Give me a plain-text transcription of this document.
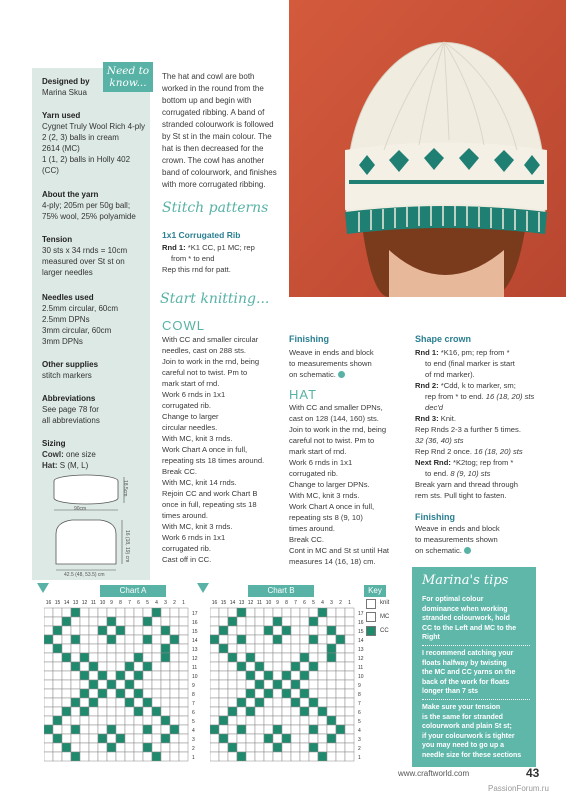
Need to
know...
Designed by
Marina Skua
Yarn used
Cygnet Truly Wool Rich 4-ply
2 (2, 3) balls in cream
2614 (MC)
1 (1, 2) balls in Holly 402
(CC)
About the yarn
4-ply; 205m per 50g ball;
75% wool, 25% polyamide
Tension
30 sts x 34 rnds = 10cm
measured over St st on
larger needles
Needles used
2.5mm circular, 60cm
2.5mm DPNs
3mm circular, 60cm
3mm DPNs
Other supplies
stitch markers
Abbreviations
See page 78 for
all abbreviations
Sizing
Cowl: one size
Hat: S (M, L)
90cm
18.5cm
16 (18, 19) cm
42.5 (48, 53.5) cm
The hat and cowl are both
worked in the round from the
bottom up and begin with
corrugated ribbing. A band of
stranded colourwork is followed
by St st in the main colour. The
hat is then decreased for the
crown. The cowl has another
band of colourwork, and finishes
with more corrugated ribbing.
Stitch patterns
1x1 Corrugated Rib
Rnd 1: *K1 CC, p1 MC; rep
from * to end
Rep this rnd for patt.
Start knitting...
COWL
With CC and smaller circular
needles, cast on 288 sts.
Join to work in the rnd, being
careful not to twist. Pm to
mark start of rnd.
Work 6 rnds in 1x1
corrugated rib.
Change to larger
circular needles.
With MC, knit 3 rnds.
Work Chart A once in full,
repeating sts 18 times around.
Break CC.
With MC, knit 14 rnds.
Rejoin CC and work Chart B
once in full, repeating sts 18
times around.
With MC, knit 3 rnds.
Work 6 rnds in 1x1
corrugated rib.
Cast off in CC.
Finishing
Weave in ends and block
to measurements shown
on schematic.
HAT
With CC and smaller DPNs,
cast on 128 (144, 160) sts.
Join to work in the rnd, being
careful not to twist. Pm to
mark start of rnd.
Work 6 rnds in 1x1
corrugated rib.
Change to larger DPNs.
With MC, knit 3 rnds.
Work Chart A once in full,
repeating sts 8 (9, 10)
times around.
Break CC.
Cont in MC and St st until Hat
measures 14 (16, 18) cm.
Shape crown
Rnd 1: *K16, pm; rep from *
to end (final marker is start
of rnd marker).
Rnd 2: *Cdd, k to marker, sm;
rep from * to end. 16 (18, 20) sts dec'd
Rnd 3: Knit.
Rep Rnds 2-3 a further 5 times.
32 (36, 40) sts
Rep Rnd 2 once. 16 (18, 20) sts
Next Rnd: *K2tog; rep from *
to end. 8 (9, 10) sts
Break yarn and thread through
rem sts. Pull tight to fasten.
Finishing
Weave in ends and block
to measurements shown
on schematic.
Marina's tips
For optimal colour
dominance when working
stranded colourwork, hold
CC to the Left and MC to the
Right
I recommend catching your
floats halfway by twisting
the MC and CC yarns on the
back of the work for floats
longer than 7 sts
Make sure your tension
is the same for stranded
colourwork and plain St st;
if your colourwork is tighter
you may need to go up a
needle size for these sections
Chart A	Chart B	Key
16 15 14 13 12 11 10 9 8 7 6 5 4 3 2 1
17
16
15
14
13
12
11
10
9
8
7
6
5
4
3
2
1
16 15 14 13 12 11 10 9 8 7 6 5 4 3 2 1
17
16
15
14
13
12
11
10
9
8
7
6
5
4
3
2
1
knit
MC
CC
www.craftworld.com	43
PassionForum.ru
